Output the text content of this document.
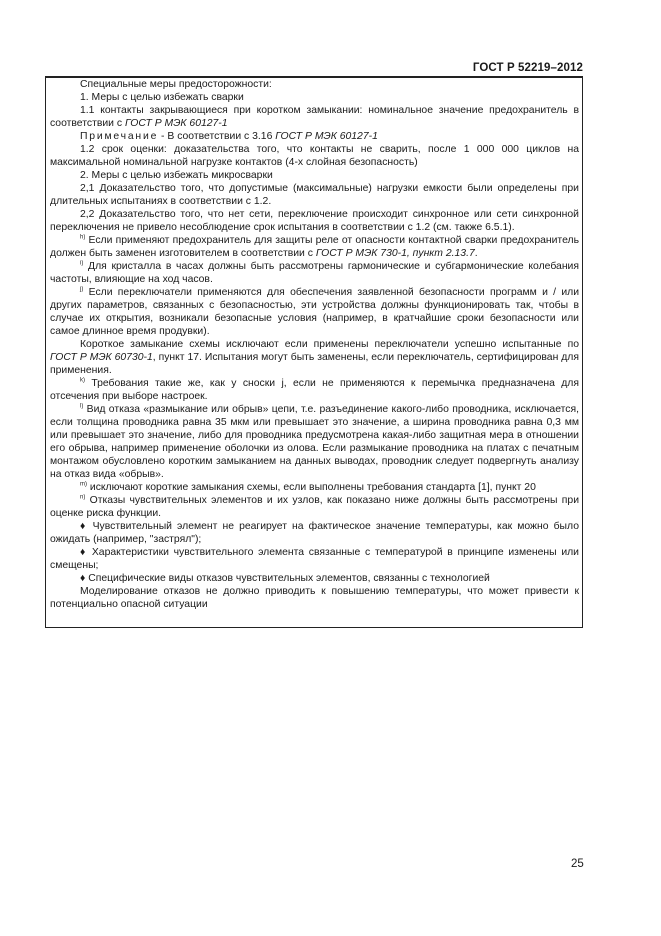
ГОСТ Р 52219–2012

Специальные меры предосторожности:

1. Меры с целью избежать сварки

1.1 контакты закрывающиеся при коротком замыкании: номинальное значение предохранитель в соответствии с ГОСТ Р МЭК 60127-1

Примечание - В соответствии с 3.16 ГОСТ Р МЭК 60127-1

1.2 срок оценки: доказательства того, что контакты не сварить, после 1 000 000 циклов на максимальной номинальной нагрузке контактов (4-х слойная безопасность)

2. Меры с целью избежать микросварки

2,1 Доказательство того, что допустимые (максимальные) нагрузки емкости были определены при длительных испытаниях в соответствии с 1.2.

2,2 Доказательство того, что нет сети, переключение происходит синхронное или сети синхронной переключения не привело несоблюдение срок испытания в соответствии с 1.2 (см. также 6.5.1).

$^{h)}$ Если применяют предохранитель для защиты реле от опасности контактной сварки предохранитель должен быть заменен изготовителем в соответствии с ГОСТ Р МЭК 730-1, пункт 2.13.7.

$^{i)}$ Для кристалла в часах должны быть рассмотрены гармонические и субгармонические колебания частоты, влияющие на ход часов.

$^{j)}$ Если переключатели применяются для обеспечения заявленной безопасности программ и / или других параметров, связанных с безопасностью, эти устройства должны функционировать так, чтобы в случае их открытия, возникали безопасные условия (например, в кратчайшие сроки безопасности или самое длинное время продувки).

Короткое замыкание схемы исключают если применены переключатели успешно испытанные по ГОСТ Р МЭК 60730-1, пункт 17. Испытания могут быть заменены, если переключатель, сертифицирован для применения.

$^{k)}$ Требования такие же, как у сноски j, если не применяются к перемычка предназначена для отсечения при выборе настроек.

$^{l)}$ Вид отказа «размыкание или обрыв» цепи, т.е. разъединение какого-либо проводника, исключается, если толщина проводника равна 35 мкм или превышает это значение, а ширина проводника равна 0,3 мм или превышает это значение, либо для проводника предусмотрена какая-либо защитная мера в отношении его обрыва, например применение оболочки из олова. Если размыкание проводника на платах с печатным монтажом обусловлено коротким замыканием на данных выводах, проводник следует подвергнуть анализу на отказ вида «обрыв».

$^{m)}$ исключают короткие замыкания схемы, если выполнены требования стандарта [1], пункт 20

$^{n)}$ Отказы чувствительных элементов и их узлов, как показано ниже должны быть рассмотрены при оценке риска функции.

♦ Чувствительный элемент не реагирует на фактическое значение температуры, как можно было ожидать (например, "застрял");

♦ Характеристики чувствительного элемента связанные с температурой в принципе изменены или смещены;

♦ Специфические виды отказов чувствительных элементов, связанны с технологией

Моделирование отказов не должно приводить к повышению температуры, что может привести к потенциально опасной ситуации

25
